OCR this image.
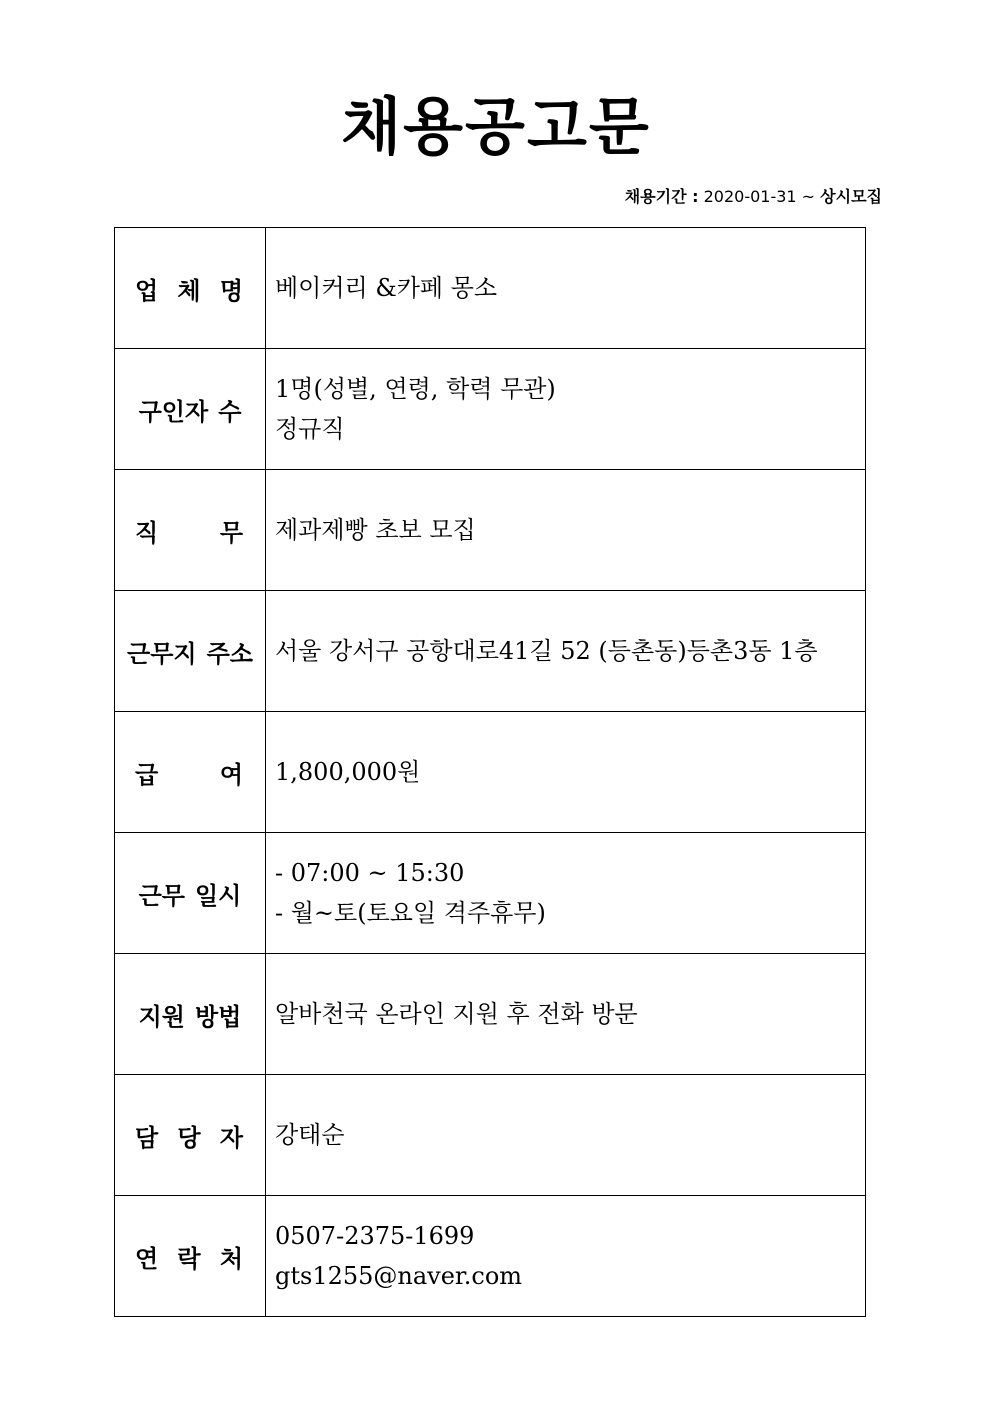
채용공고문
채용기간 : 2020-01-31 ~ 상시모집
업 체 명	베이커리 &카페 몽소

구인자 수	1명(성별, 연령, 학력 무관)
정규직

직 무	제과제빵 초보 모집

근무지 주소	서울 강서구 공항대로41길 52 (등촌동)등촌3동 1층

급 여	1,800,000원

근무 일시	- 07:00 ~ 15:30
- 월~토(토요일 격주휴무)

지원 방법	알바천국 온라인 지원 후 전화 방문

담 당 자	강태순

연 락 처	0507-2375-1699
gts1255@naver.com
